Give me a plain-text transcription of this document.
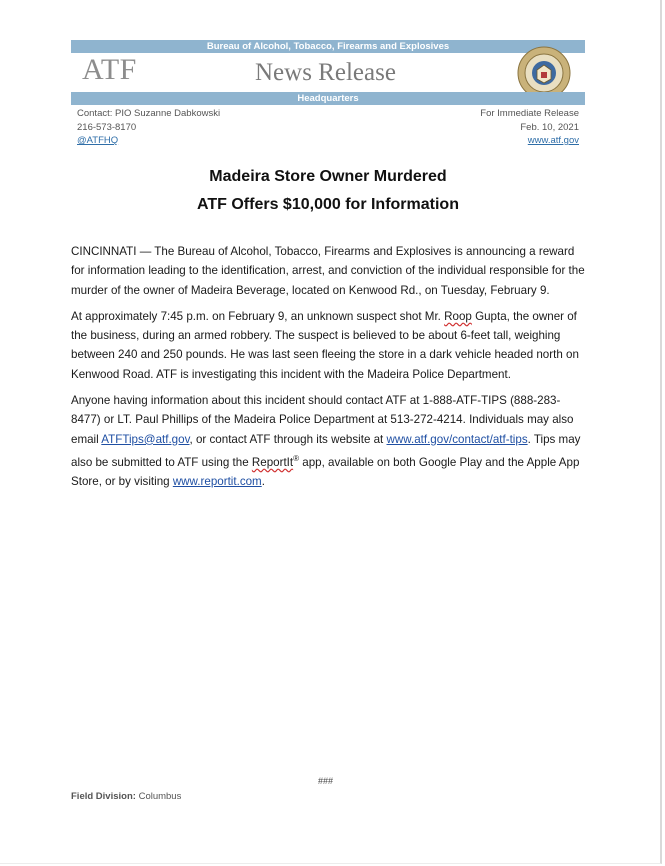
Bureau of Alcohol, Tobacco, Firearms and Explosives
ATF	News Release
Headquarters
Contact: PIO Suzanne Dabkowski
216-573-8170
@ATFHQ
For Immediate Release
Feb. 10, 2021
www.atf.gov
Madeira Store Owner Murdered
ATF Offers $10,000 for Information

CINCINNATI — The Bureau of Alcohol, Tobacco, Firearms and Explosives is announcing a reward for information leading to the identification, arrest, and conviction of the individual responsible for the murder of the owner of Madeira Beverage, located on Kenwood Rd., on Tuesday, February 9.

At approximately 7:45 p.m. on February 9, an unknown suspect shot Mr. Roop Gupta, the owner of the business, during an armed robbery. The suspect is believed to be about 6-feet tall, weighing between 240 and 250 pounds. He was last seen fleeing the store in a dark vehicle headed north on Kenwood Road. ATF is investigating this incident with the Madeira Police Department.

Anyone having information about this incident should contact ATF at 1-888-ATF-TIPS (888-283-8477) or LT. Paul Phillips of the Madeira Police Department at 513-272-4214. Individuals may also email ATFTips@atf.gov, or contact ATF through its website at www.atf.gov/contact/atf-tips. Tips may also be submitted to ATF using the ReportIt® app, available on both Google Play and the Apple App Store, or by visiting www.reportit.com.

###
Field Division: Columbus
